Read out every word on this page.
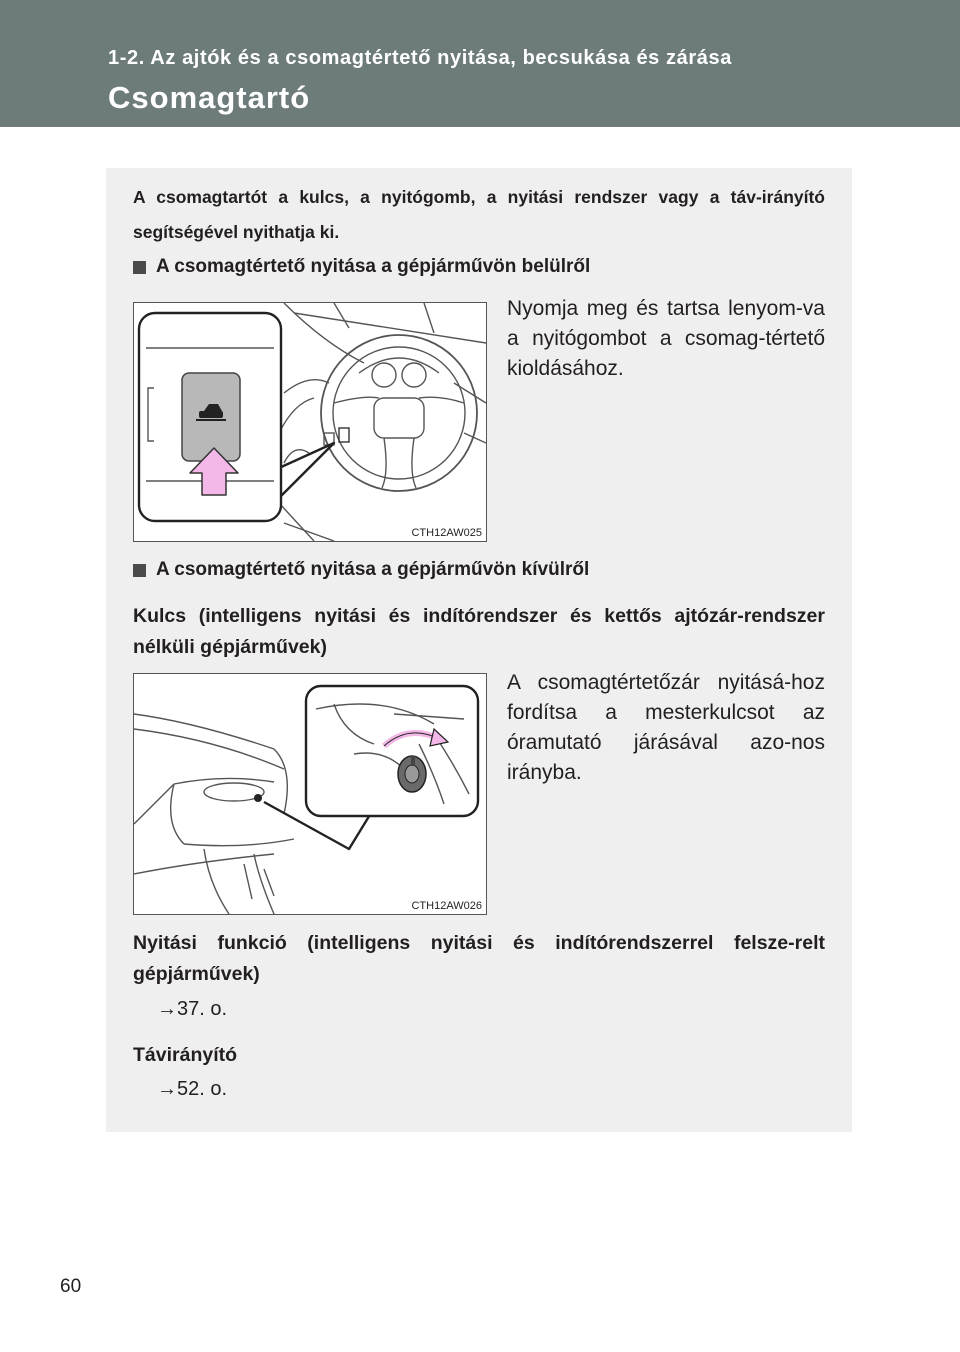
1-2. Az ajtók és a csomagtértető nyitása, becsukása és zárása
Csomagtartó
A csomagtartót a kulcs, a nyitógomb, a nyitási rendszer vagy a táv-irányító segítségével nyithatja ki.
A csomagtértető nyitása a gépjárművön belülről
CTH12AW025
Nyomja meg és tartsa lenyom-va a nyitógombot a csomag-tértető kioldásához.
A csomagtértető nyitása a gépjárművön kívülről
Kulcs (intelligens nyitási és indítórendszer és kettős ajtózár-rendszer nélküli gépjárművek)
CTH12AW026
A csomagtértetőzár nyitásá-hoz fordítsa a mesterkulcsot az óramutató járásával azo-nos irányba.
Nyitási funkció (intelligens nyitási és indítórendszerrel felsze-relt gépjárművek)
→37. o.
Távirányító
→52. o.
60
